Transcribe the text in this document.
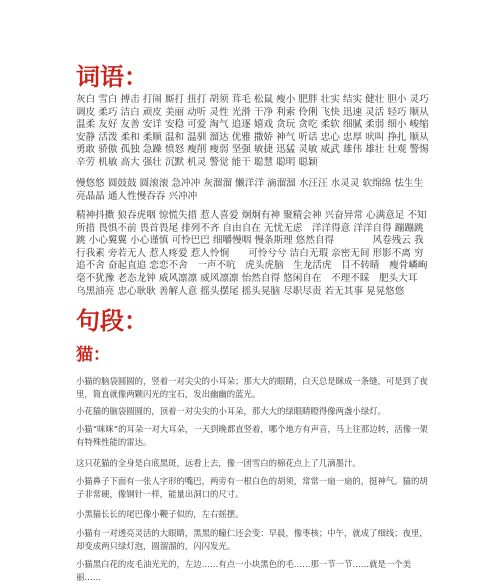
词语：

灰白 雪白 搏击 打闹 厮打 扭打 胡须 茸毛 松鼠 瘦小 肥胖 壮实 结实 健壮 胆小 灵巧 调皮 柔巧 洁白 顽皮 美丽 动听 灵性 光滑 干净 利索 伶俐 飞快 迅速 灵活 轻巧 顺从 温柔 友好 友善 安详 安稳 可爱 淘气 追逐 嬉戏 贪玩 贪吃 柔软 细腻 柔弱 细小 峻缩 安静 活泼 柔和 柔顺 温和 温驯 溜达 优雅 撒娇 神气 听话 忠心 忠厚 吠叫 挣扎 顺从 勇敢 骄傲 孤独 急躁 愤怒 瘦削 瘦弱 坚强 敏捷 迅猛 灵敏 威武 雄伟 雄壮 壮观 警惕 辛劳 机敏 高大 强壮 沉默 机灵 警觉 能干 聪慧 聪明 聪颖

慢悠悠 圆鼓鼓 圆滚滚 急冲冲 灰溜溜 懒洋洋 滴溜溜 水汪汪 水灵灵 软绵绵 怯生生 亮晶晶 通人性慢吞吞 兴冲冲

精神抖擞 狼吞虎咽 惊慌失措 惹人喜爱 炯炯有神 聚精会神 兴奋异常 心满意足 不知所措 畏惧不前 畏首畏尾 排列不齐 自由自在 无忧无虑　洋洋得意 洋洋自得 蹦蹦跳跳 小心翼翼 小心谨慎 可怜巴巴 细嚼慢咽 慢条斯理 悠然自得　　　　风卷残云 我行我素 旁若无人 惹人疼爱 惹人怜悯　　可怜兮兮 洁白无瑕 亲密无间 形影不离 穷追不舍 奋起直追 恋恋不舍　一声不吭　虎头虎脑　生龙活虎　目不转睛　瘦骨嶙峋　毫不犹豫 老态龙钟 威风凛凛 威风凛凛 怡然自得 悠闲自在　不理不睬　肥头大耳　乌黑油亮 忠心耿耿 善解人意 摇头摆尾 摇头晃脑 尽职尽责 若无其事 晃晃悠悠

句段：
猫：

小猫的脑袋圆圆的，竖着一对尖尖的小耳朵；那大大的眼睛，白天总是眯成一条缝，可是到了夜里，简直就像两颗闪光的宝石，发出幽幽的蓝光。

小花猫的脑袋圆圆的，顶着一对尖尖的小耳朵，那大大的绿眼睛瞪得像两盏小绿灯。

小猫“咪咪”的耳朵一对大耳朵，一天到晚都直竖着，哪个地方有声音，马上往那边转，活像一架有特殊性能的雷达。

这只花猫的全身是白底黑斑，远看上去，像一团雪白的棉花点上了几滴墨汁。

小猫鼻子下面有一张人字形的嘴巴，两旁有一根白色的胡须，常常一扇一扇的，挺神气。猫的胡子非常硬，像钢针一样，能量出洞口的尺寸。

小黑猫长长的尾巴像小鞭子似的，左右摇摆。

小猫有一对透亮灵活的大眼睛，黑黑的瞳仁还会变：早晨，像枣核；中午，就成了细线；夜里，却变成两只绿灯泡，圆溜溜的，闪闪发光。

小猫黑白花的皮毛油光光的，左边……有点一小块黑色的毛……那一节一节……就是一个美丽……
